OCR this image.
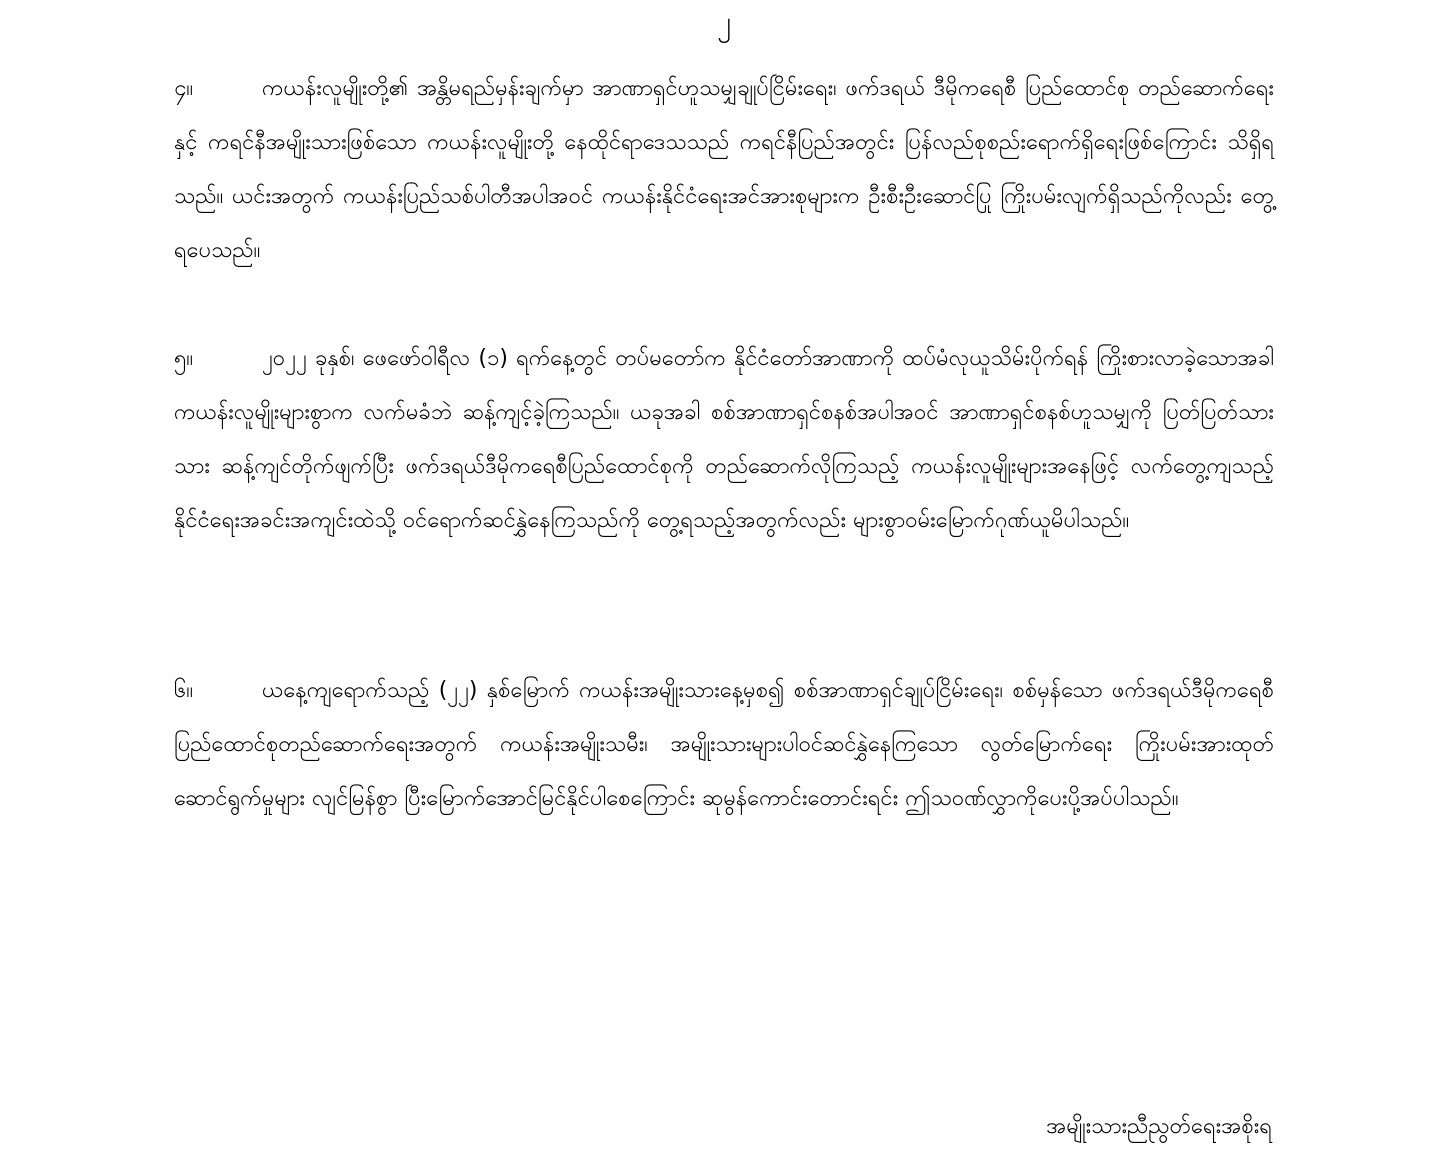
၂

၄။	ကယန်းလူမျိုးတို့၏ အန္တိမရည်မှန်းချက်မှာ အာဏာရှင်ဟူသမျှချုပ်ငြိမ်းရေး၊ ဖက်ဒရယ် ဒီမိုကရေစီ ပြည်ထောင်စု တည်ဆောက်ရေးနှင့် ကရင်နီအမျိုးသားဖြစ်သော ကယန်းလူမျိုးတို့ နေထိုင်ရာဒေသသည် ကရင်နီပြည်အတွင်း ပြန်လည်စုစည်းရောက်ရှိရေးဖြစ်ကြောင်း သိရှိရသည်။ ယင်းအတွက် ကယန်းပြည်သစ်ပါတီအပါအဝင် ကယန်းနိုင်ငံရေးအင်အားစုများက ဦးစီးဦးဆောင်ပြု ကြိုးပမ်းလျက်ရှိသည်ကိုလည်း တွေ့ရပေသည်။

၅။	၂၀၂၂ ခုနှစ်၊ ဖေဖော်ဝါရီလ (၁) ရက်နေ့တွင် တပ်မတော်က နိုင်ငံတော်အာဏာကို ထပ်မံလုယူသိမ်းပိုက်ရန် ကြိုးစားလာခဲ့သောအခါ ကယန်းလူမျိုးများစွာက လက်မခံဘဲ ဆန့်ကျင့်ခဲ့ကြသည်။ ယခုအခါ စစ်အာဏာရှင်စနစ်အပါအဝင် အာဏာရှင်စနစ်ဟူသမျှကို ပြတ်ပြတ်သားသား ဆန့်ကျင်တိုက်ဖျက်ပြီး ဖက်ဒရယ်ဒီမိုကရေစီပြည်ထောင်စုကို တည်ဆောက်လိုကြသည့် ကယန်းလူမျိုးများအနေဖြင့် လက်တွေ့ကျသည့် နိုင်ငံရေးအခင်းအကျင်းထဲသို့ ဝင်ရောက်ဆင်နွှဲနေကြသည်ကို တွေ့ရသည့်အတွက်လည်း များစွာဝမ်းမြောက်ဂုဏ်ယူမိပါသည်။

၆။	ယနေ့ကျရောက်သည့် (၂၂) နှစ်မြောက် ကယန်းအမျိုးသားနေ့မှစ၍ စစ်အာဏာရှင်ချုပ်ငြိမ်းရေး၊ စစ်မှန်သော ဖက်ဒရယ်ဒီမိုကရေစီ ပြည်ထောင်စုတည်ဆောက်ရေးအတွက် ကယန်းအမျိုးသမီး၊ အမျိုးသားများပါဝင်ဆင်နွှဲနေကြသော လွတ်မြောက်ရေး ကြိုးပမ်းအားထုတ်ဆောင်ရွက်မှုများ လျင်မြန်စွာ ပြီးမြောက်အောင်မြင်နိုင်ပါစေကြောင်း ဆုမွန်ကောင်းတောင်းရင်း ဤသဝဏ်လွှာကိုပေးပို့အပ်ပါသည်။

အမျိုးသားညီညွတ်ရေးအစိုးရ
